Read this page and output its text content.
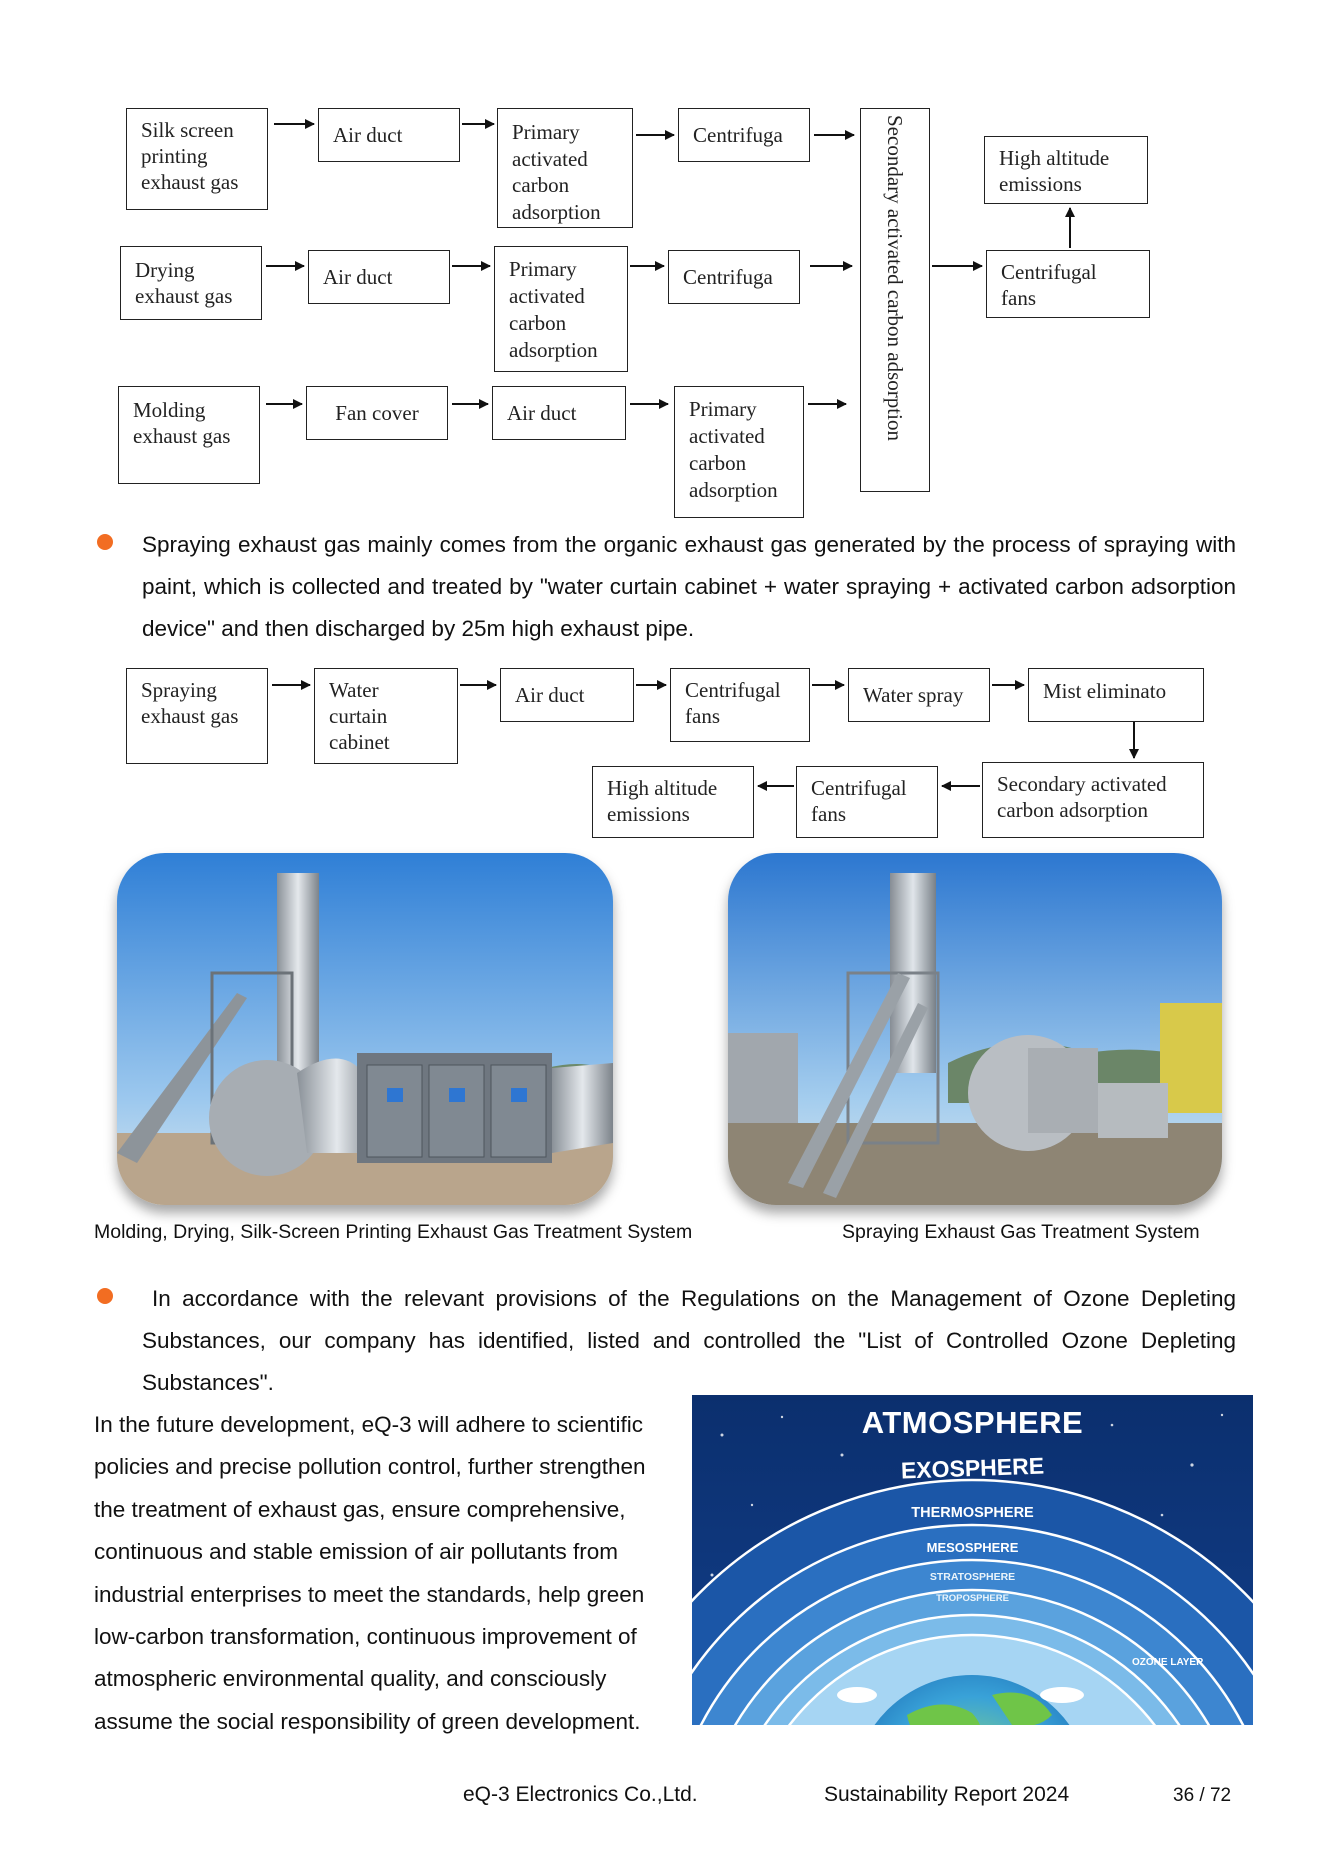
Silk screen
printing
exhaust gas
Air duct	Primary
activated
carbon
adsorption
Centrifuga
Drying
exhaust gas
Air duct	Primary
activated
carbon
adsorption
Centrifuga
Molding
exhaust gas
Fan cover	Air duct	Primary
activated
carbon
adsorption
Secondary activated carbon adsorption	High altitude
emissions
Centrifugal
fans
Spraying exhaust gas mainly comes from the organic exhaust gas generated by the process of spraying with paint, which is collected and treated by "water curtain cabinet + water spraying + activated carbon adsorption device" and then discharged by 25m high exhaust pipe.
Spraying
exhaust gas
Water
curtain
cabinet
Air duct	Centrifugal
fans
Water spray	Mist eliminato
High altitude
emissions
Centrifugal
fans
Secondary activated
carbon adsorption
Molding, Drying, Silk-Screen Printing Exhaust Gas Treatment System	Spraying Exhaust Gas Treatment System
In accordance with the relevant provisions of the Regulations on the Management of Ozone Depleting Substances, our company has identified, listed and controlled the "List of Controlled Ozone Depleting Substances".
In the future development, eQ-3 will adhere to scientific policies and precise pollution control, further strengthen the treatment of exhaust gas, ensure comprehensive, continuous and stable emission of air pollutants from industrial enterprises to meet the standards, help green low-carbon transformation, continuous improvement of atmospheric environmental quality, and consciously assume the social responsibility of green development.
ATMOSPHERE
EXOSPHERE
THERMOSPHERE
MESOSPHERE
STRATOSPHERE
TROPOSPHERE
OZONE LAYER
eQ-3 Electronics Co.,Ltd.	Sustainability Report 2024	36 / 72
